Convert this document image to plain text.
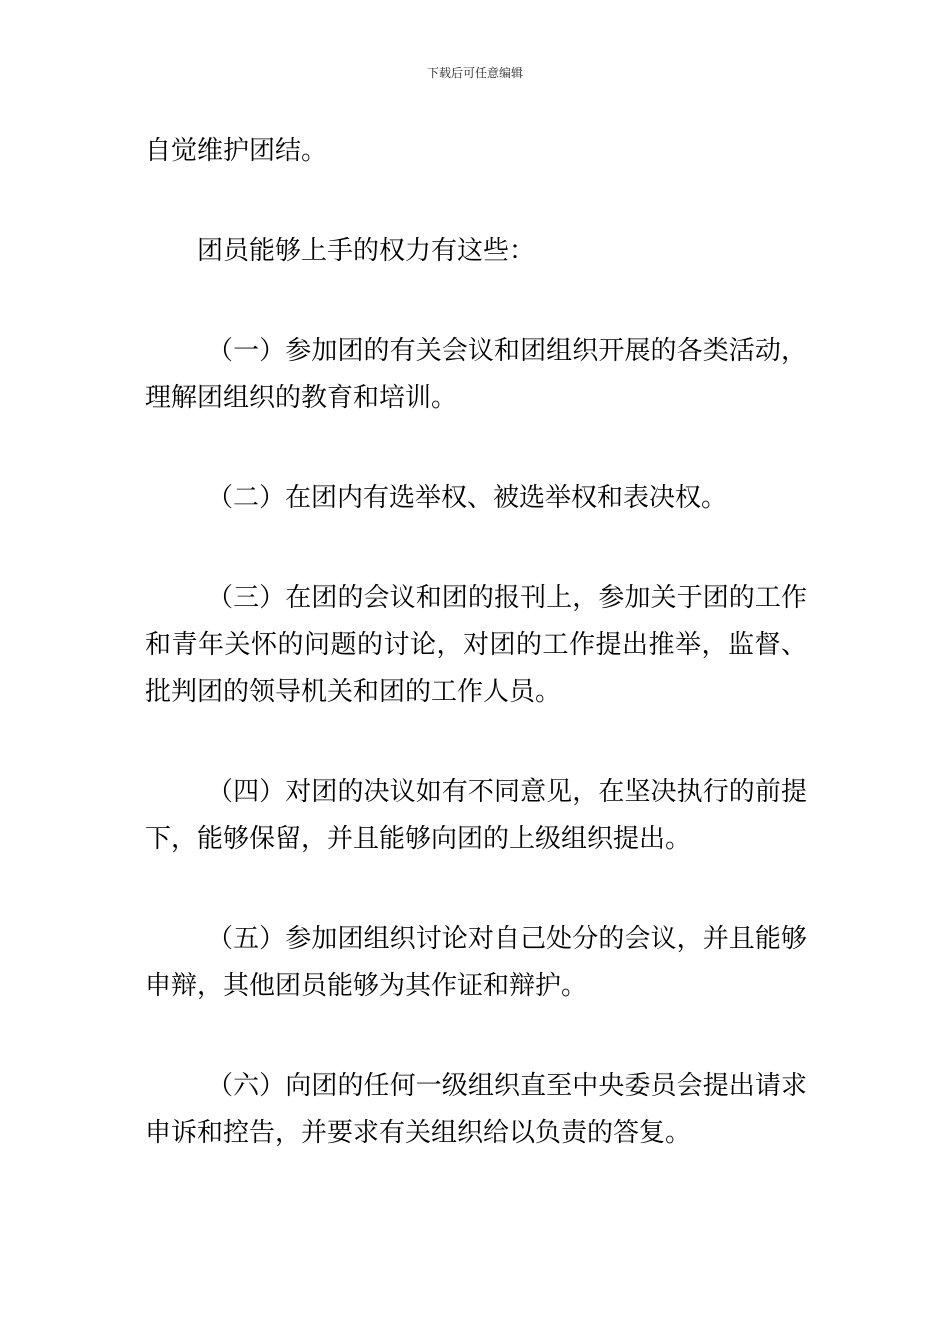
下载后可任意编辑

自觉维护团结。

团员能够上手的权力有这些：

（一）参加团的有关会议和团组织开展的各类活动，理解团组织的教育和培训。

（二）在团内有选举权、被选举权和表决权。

（三）在团的会议和团的报刊上，参加关于团的工作和青年关怀的问题的讨论，对团的工作提出推举，监督、批判团的领导机关和团的工作人员。

（四）对团的决议如有不同意见，在坚决执行的前提下，能够保留，并且能够向团的上级组织提出。

（五）参加团组织讨论对自己处分的会议，并且能够申辩，其他团员能够为其作证和辩护。

（六）向团的任何一级组织直至中央委员会提出请求申诉和控告，并要求有关组织给以负责的答复。
